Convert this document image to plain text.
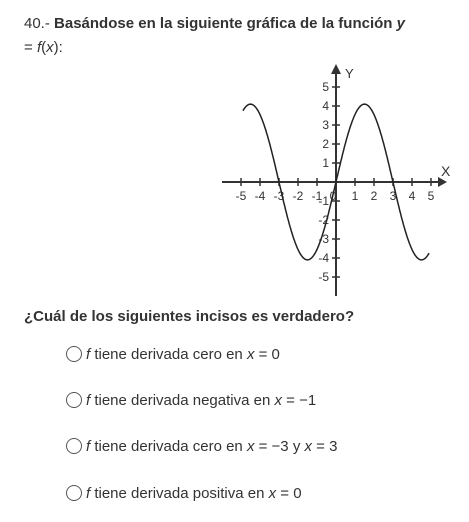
40.- Basándose en la siguiente gráfica de la función y
= f(x):
X
Y
-5 -4 -3 -2 -1 0 1 2 3 4 5
1
2
3
4
5
-1
-2
-3
-4
-5
¿Cuál de los siguientes incisos es verdadero?
f tiene derivada cero en x = 0
f tiene derivada negativa en x = −1
f tiene derivada cero en x = −3 y x = 3
f tiene derivada positiva en x = 0
